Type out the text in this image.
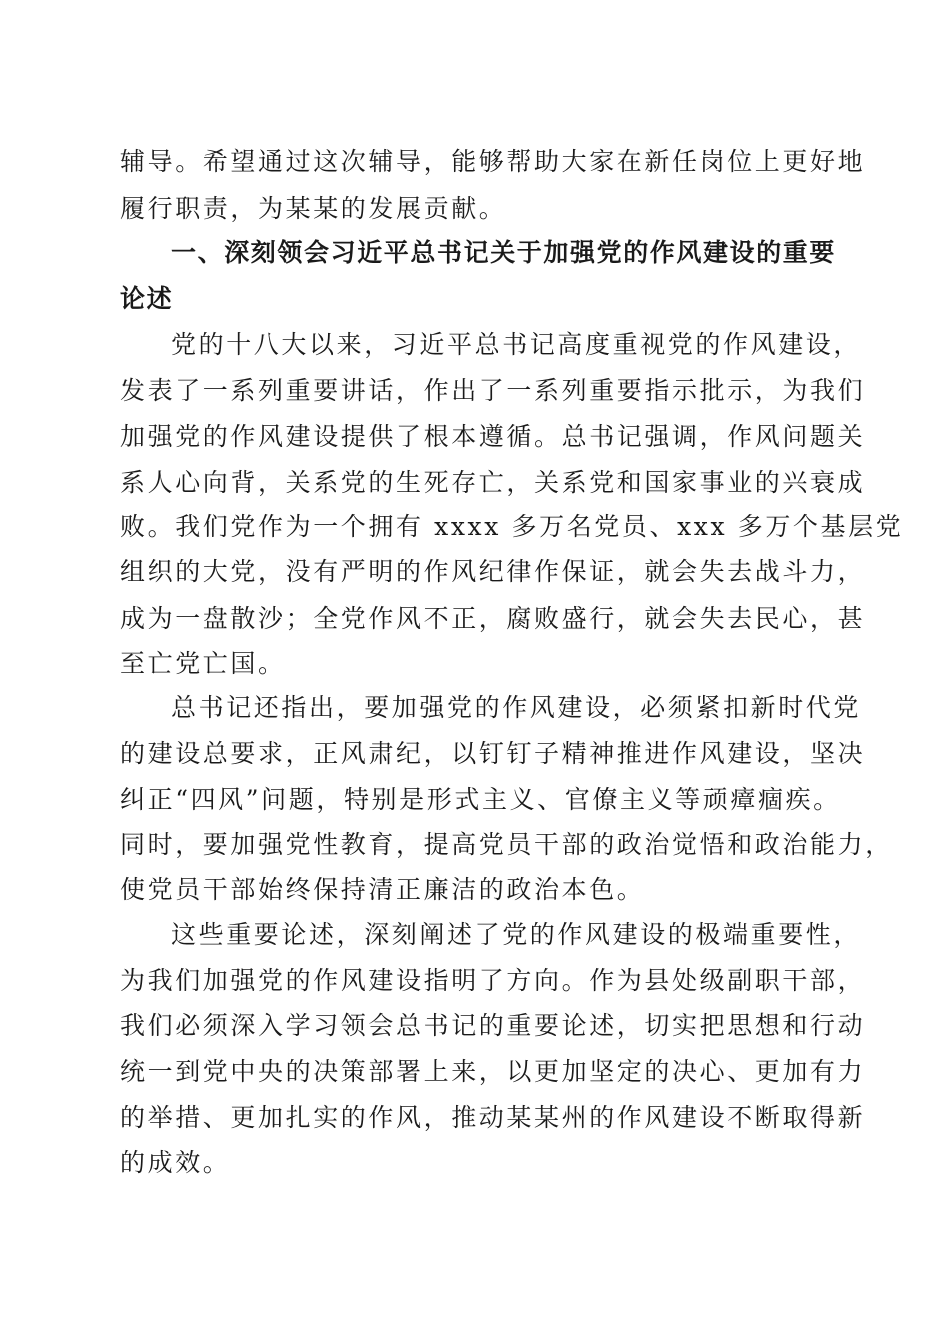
辅导。希望通过这次辅导，能够帮助大家在新任岗位上更好地
履行职责，为某某的发展贡献。
一、深刻领会习近平总书记关于加强党的作风建设的重要
论述
党的十八大以来，习近平总书记高度重视党的作风建设，
发表了一系列重要讲话，作出了一系列重要指示批示，为我们
加强党的作风建设提供了根本遵循。总书记强调，作风问题关
系人心向背，关系党的生死存亡，关系党和国家事业的兴衰成
败。我们党作为一个拥有 xxxx 多万名党员、xxx 多万个基层党
组织的大党，没有严明的作风纪律作保证，就会失去战斗力，
成为一盘散沙；全党作风不正，腐败盛行，就会失去民心，甚
至亡党亡国。
总书记还指出，要加强党的作风建设，必须紧扣新时代党
的建设总要求，正风肃纪，以钉钉子精神推进作风建设，坚决
纠正“四风”问题，特别是形式主义、官僚主义等顽瘴痼疾。
同时，要加强党性教育，提高党员干部的政治觉悟和政治能力，
使党员干部始终保持清正廉洁的政治本色。
这些重要论述，深刻阐述了党的作风建设的极端重要性，
为我们加强党的作风建设指明了方向。作为县处级副职干部，
我们必须深入学习领会总书记的重要论述，切实把思想和行动
统一到党中央的决策部署上来，以更加坚定的决心、更加有力
的举措、更加扎实的作风，推动某某州的作风建设不断取得新
的成效。
